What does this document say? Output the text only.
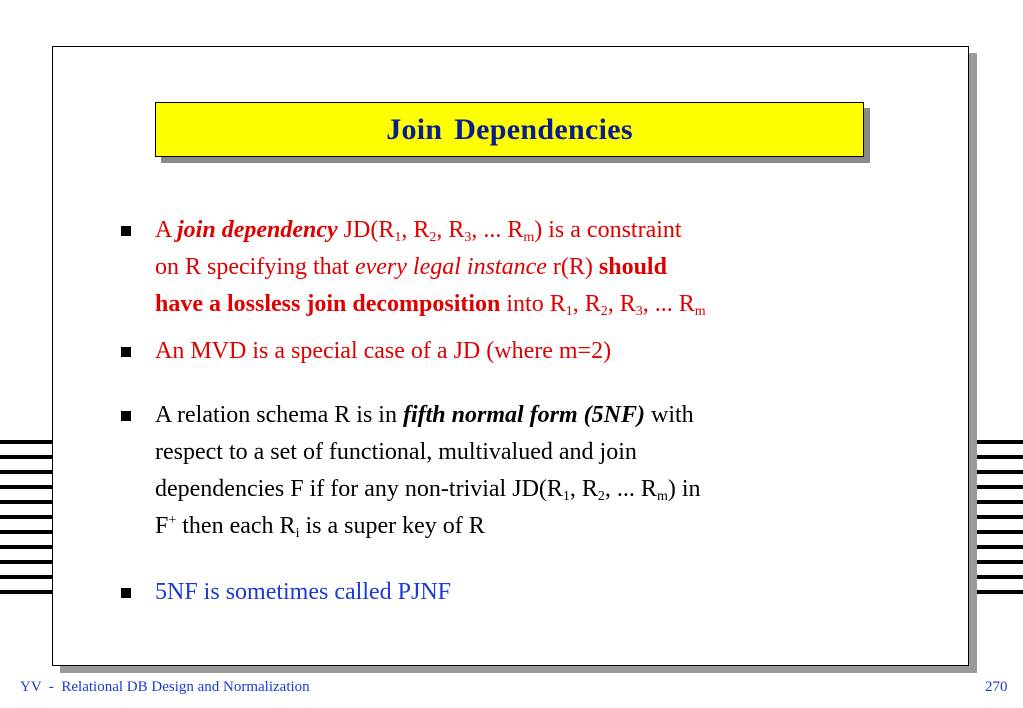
Join Dependencies
A join dependency $JD(R_1$, $R_2$, $R_3$, ... $R_m$) is a constraint
on R specifying that every legal instance r(R) should
have a lossless join decomposition into $R_1$, $R_2$, $R_3$, ... $R_m$
An MVD is a special case of a JD (where m=2)
A relation schema R is in fifth normal form (5NF) with
respect to a set of functional, multivalued and join
dependencies F if for any non-trivial $JD(R_1$, $R_2$, ... $R_m$) in
F+ then each $R_i$ is a super key of R
5NF is sometimes called PJNF
YV  -  Relational DB Design and Normalization	270
